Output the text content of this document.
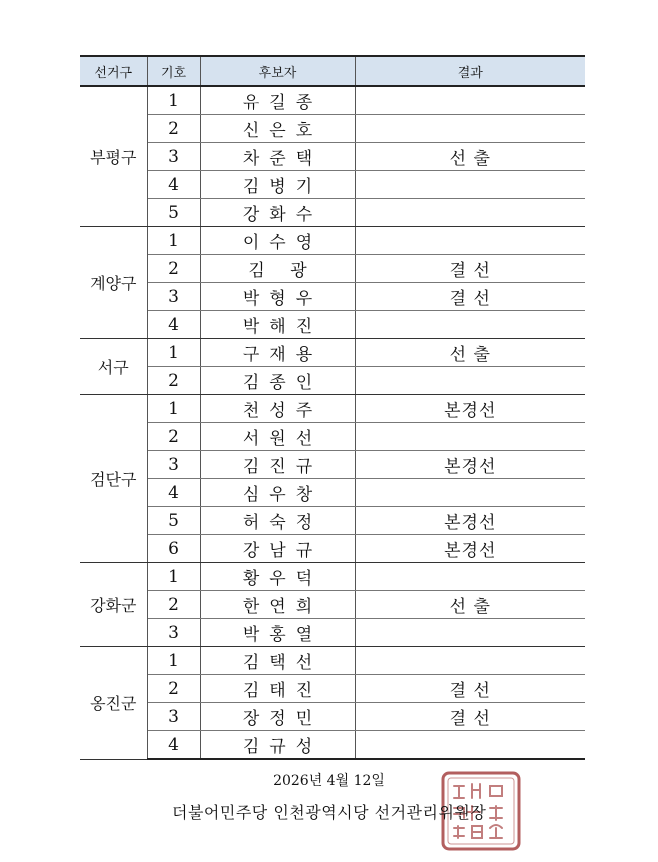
선거구	기호	후보자	결과
부평구	1	유길종	
	2	신은호	
	3	차준택	선 출
	4	김병기	
	5	강화수	
계양구	1	이수영	
	2	김 광	결 선
	3	박형우	결 선
	4	박해진	
서구	1	구재용	선 출
	2	김종인	
검단구	1	천성주	본경선
	2	서원선	
	3	김진규	본경선
	4	심우창	
	5	허숙정	본경선
	6	강남규	본경선
강화군	1	황우덕	
	2	한연희	선 출
	3	박홍열	
옹진군	1	김택선	
	2	김태진	결 선
	3	장정민	결 선
	4	김규성	
2026년 4월 12일
더불어민주당 인천광역시당 선거관리위원장
